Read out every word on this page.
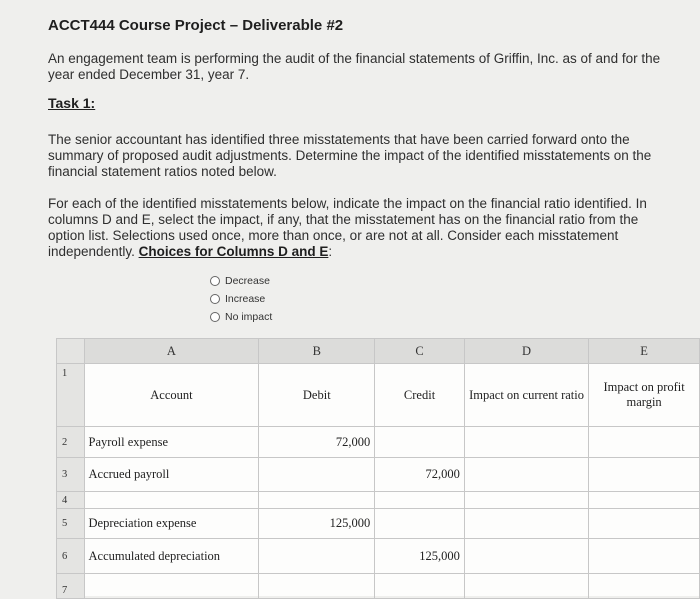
ACCT444 Course Project – Deliverable #2
An engagement team is performing the audit of the financial statements of Griffin, Inc. as of and for the year ended December 31, year 7.
Task 1:
The senior accountant has identified three misstatements that have been carried forward onto the summary of proposed audit adjustments. Determine the impact of the identified misstatements on the financial statement ratios noted below.
For each of the identified misstatements below, indicate the impact on the financial ratio identified. In columns D and E, select the impact, if any, that the misstatement has on the financial ratio from the option list. Selections used once, more than once, or are not at all. Consider each misstatement independently. Choices for Columns D and E:
Decrease
Increase
No impact
	A	B	C	D	E
1	Account	Debit	Credit	Impact on current ratio	Impact on profit margin
2	Payroll expense	72,000			
3	Accrued payroll		72,000		
4					
5	Depreciation expense	125,000			
6	Accumulated depreciation		125,000		
7					
